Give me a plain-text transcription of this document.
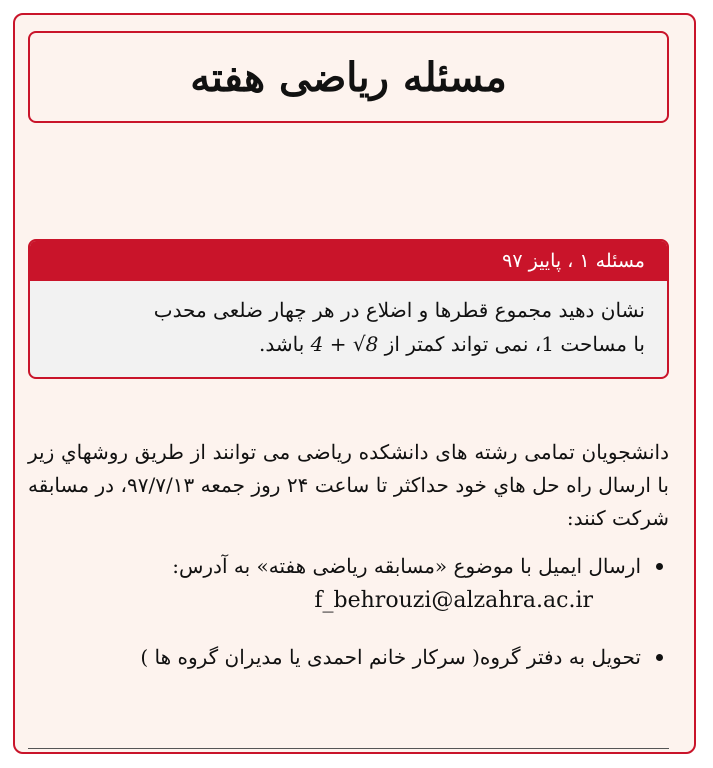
مسئله ریاضی هفته
مسئله ۱ ، پاییز ۹۷
نشان دهید مجموع قطرها و اضلاع در هر چهار ضلعی محدب
با مساحت 1، نمی تواند کمتر از 4 + √8 باشد.
دانشجویان تمامی رشته های دانشکده ریاضی می توانند از طریق روشهاي زیر با ارسال راه حل هاي خود حداکثر تا ساعت ۲۴ روز جمعه ۹۷/۷/۱۳، در مسابقه شرکت کنند:
ارسال ایمیل با موضوع «مسابقه ریاضی هفته» به آدرس:
f_behrouzi@alzahra.ac.ir
تحویل به دفتر گروه( سرکار خانم احمدی یا مدیران گروه ها )
